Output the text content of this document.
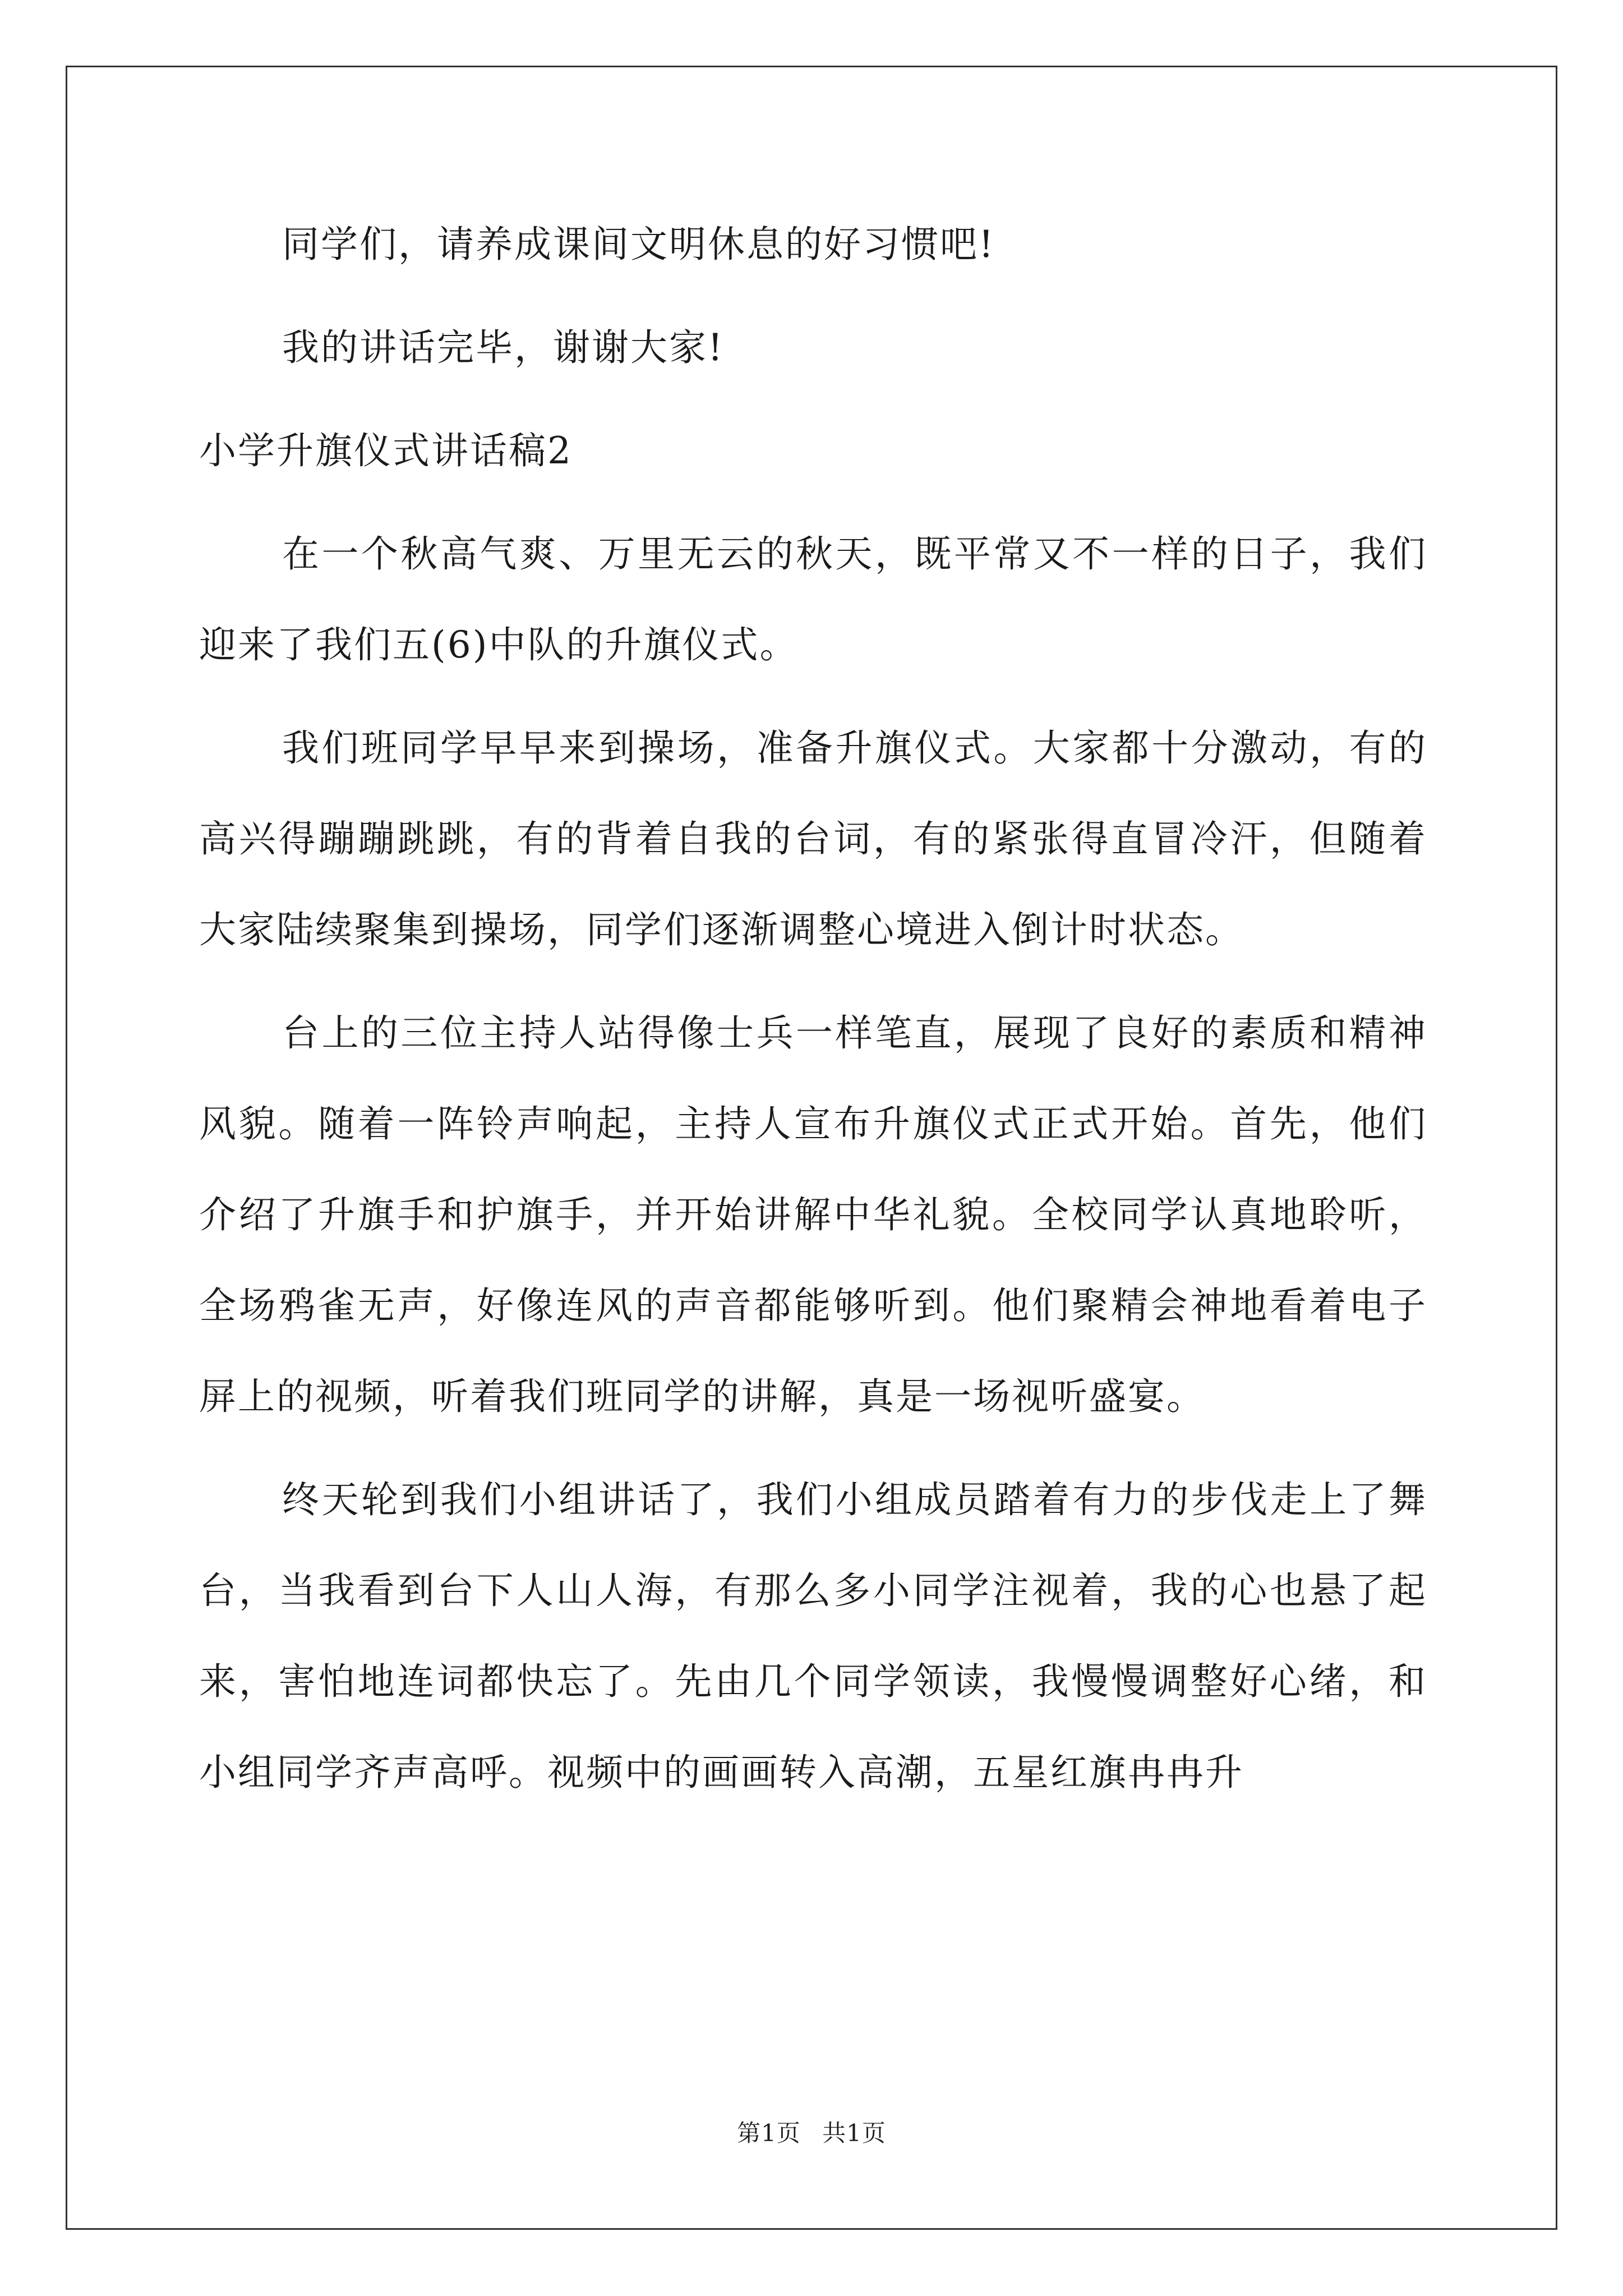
同学们，请养成课间文明休息的好习惯吧!

我的讲话完毕，谢谢大家!

小学升旗仪式讲话稿2

在一个秋高气爽、万里无云的秋天，既平常又不一样的日子，我们迎来了我们五(6)中队的升旗仪式。

我们班同学早早来到操场，准备升旗仪式。大家都十分激动，有的高兴得蹦蹦跳跳，有的背着自我的台词，有的紧张得直冒冷汗，但随着大家陆续聚集到操场，同学们逐渐调整心境进入倒计时状态。

台上的三位主持人站得像士兵一样笔直，展现了良好的素质和精神风貌。随着一阵铃声响起，主持人宣布升旗仪式正式开始。首先，他们介绍了升旗手和护旗手，并开始讲解中华礼貌。全校同学认真地聆听，全场鸦雀无声，好像连风的声音都能够听到。他们聚精会神地看着电子屏上的视频，听着我们班同学的讲解，真是一场视听盛宴。

终天轮到我们小组讲话了，我们小组成员踏着有力的步伐走上了舞台，当我看到台下人山人海，有那么多小同学注视着，我的心也悬了起来，害怕地连词都快忘了。先由几个同学领读，我慢慢调整好心绪，和小组同学齐声高呼。视频中的画画转入高潮，五星红旗冉冉升

第1页 共1页
